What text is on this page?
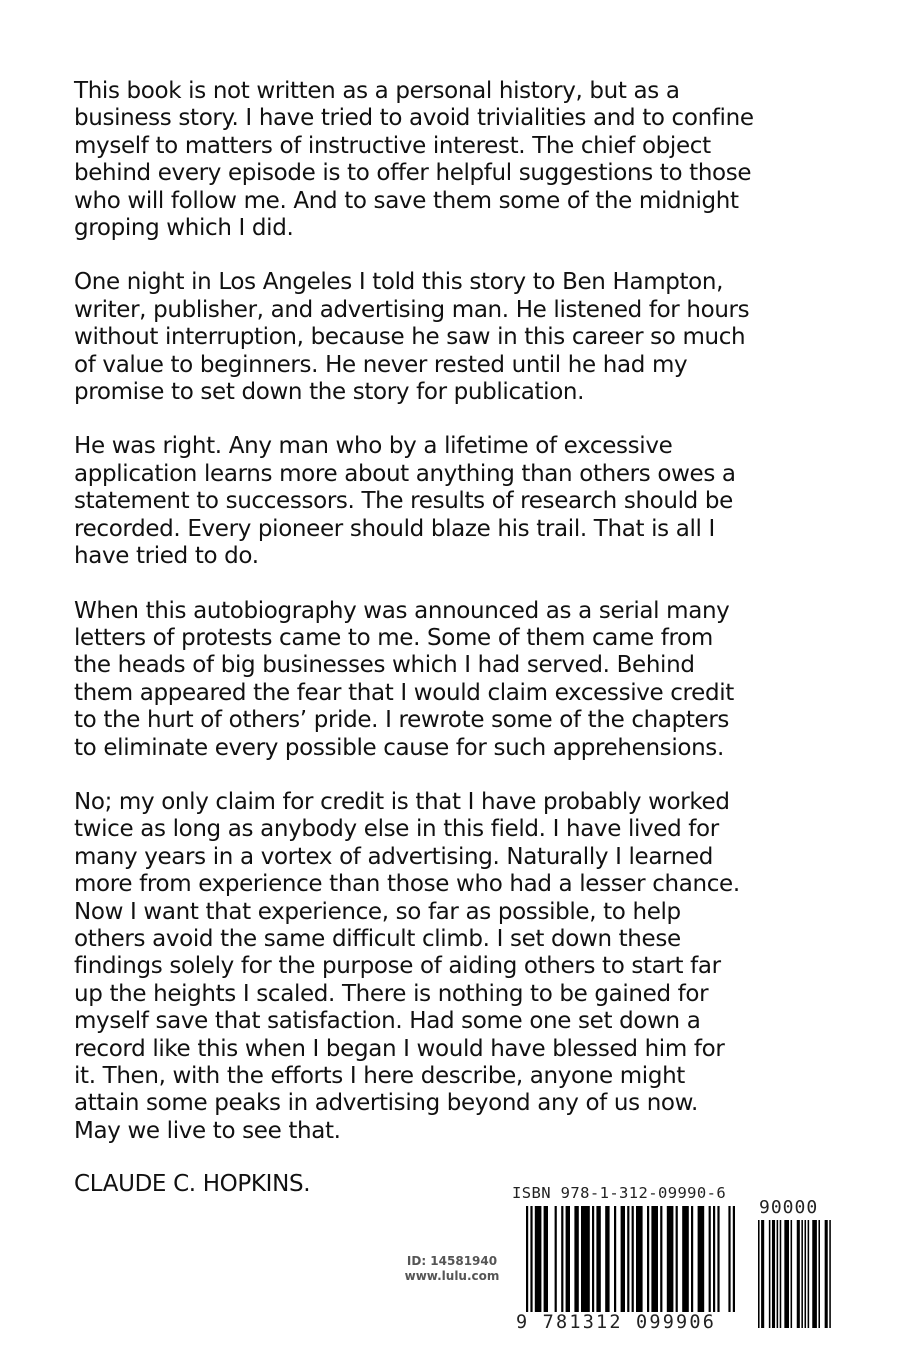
This book is not written as a personal history, but as a
business story. I have tried to avoid trivialities and to confine
myself to matters of instructive interest. The chief object
behind every episode is to offer helpful suggestions to those
who will follow me. And to save them some of the midnight
groping which I did.

One night in Los Angeles I told this story to Ben Hampton,
writer, publisher, and advertising man. He listened for hours
without interruption, because he saw in this career so much
of value to beginners. He never rested until he had my
promise to set down the story for publication.

He was right. Any man who by a lifetime of excessive
application learns more about anything than others owes a
statement to successors. The results of research should be
recorded. Every pioneer should blaze his trail. That is all I
have tried to do.

When this autobiography was announced as a serial many
letters of protests came to me. Some of them came from
the heads of big businesses which I had served. Behind
them appeared the fear that I would claim excessive credit
to the hurt of others’ pride. I rewrote some of the chapters
to eliminate every possible cause for such apprehensions.

No; my only claim for credit is that I have probably worked
twice as long as anybody else in this field. I have lived for
many years in a vortex of advertising. Naturally I learned
more from experience than those who had a lesser chance.
Now I want that experience, so far as possible, to help
others avoid the same difficult climb. I set down these
findings solely for the purpose of aiding others to start far
up the heights I scaled. There is nothing to be gained for
myself save that satisfaction. Had some one set down a
record like this when I began I would have blessed him for
it. Then, with the efforts I here describe, anyone might
attain some peaks in advertising beyond any of us now.
May we live to see that.

CLAUDE C. HOPKINS.

ID: 14581940
www.lulu.com

ISBN 978-1-312-09990-6

90000

9 781312 099906
